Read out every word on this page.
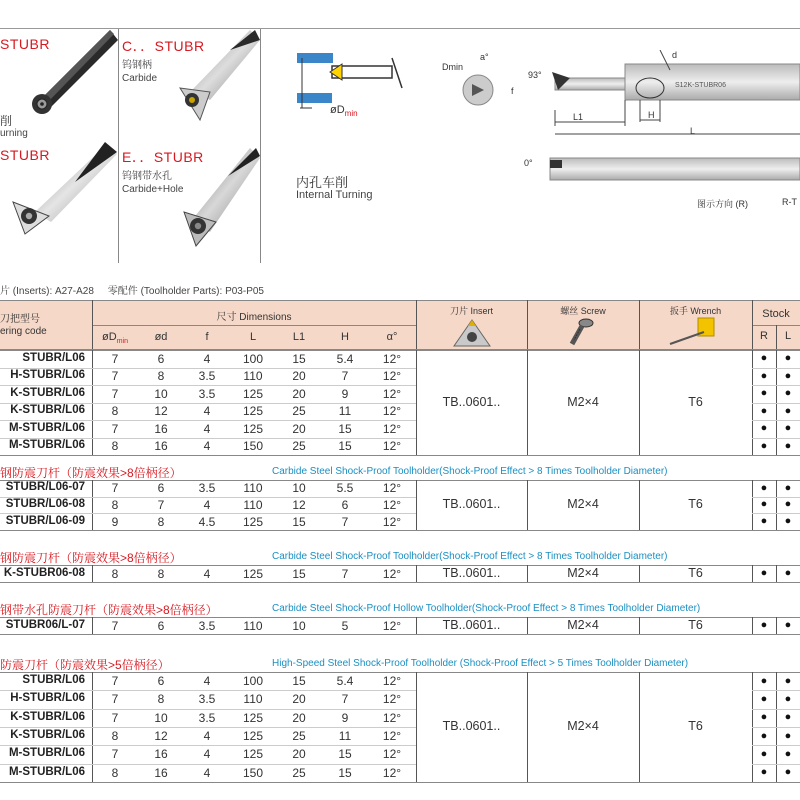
STUBR
削
urning
C．．STUBR
钨钢柄
Carbide
STUBR	E．．STUBR
钨钢带水孔
Carbide+Hole
$øD_{min}$
内孔车削
Internal Turning
Dmin
a°
S12K-STUBR06
93°
d
f
L1	H
L
0°
图示方向 (R)	R-T
片 (Inserts): A27-A28     零配件 (Toolholder Parts): P03-P05
刀把型号
ering code
尺寸 Dimensions
刀片 Insert	螺丝 Screw	扳手 Wrench	Stock
R	L
$øD_{min}$	ød	f	L	L1	H	α°
STUBR/L06	7	6	4	100	15	5.4	12°	●	●
H-STUBR/L06	7	8	3.5	110	20	7	12°	●	●
K-STUBR/L06	7	10	3.5	125	20	9	12°	●	●
K-STUBR/L06	8	12	4	125	25	11	12°	●	●
M-STUBR/L06	7	16	4	125	20	15	12°	●	●
M-STUBR/L06	8	16	4	150	25	15	12°	●	●
TB..0601..	M2×4	T6
钢防震刀杆（防震效果>8倍柄径）	Carbide Steel Shock-Proof Toolholder(Shock-Proof Effect > 8 Times Toolholder Diameter)
STUBR/L06-07	7	6	3.5	110	10	5.5	12°	●	●
STUBR/L06-08	8	7	4	110	12	6	12°	●	●
STUBR/L06-09	9	8	4.5	125	15	7	12°	●	●
TB..0601..	M2×4	T6
钢防震刀杆（防震效果>8倍柄径）	Carbide Steel Shock-Proof Toolholder(Shock-Proof Effect > 8 Times Toolholder Diameter)
K-STUBR06-08	8	8	4	125	15	7	12°	●	●
TB..0601..	M2×4	T6
钢带水孔防震刀杆（防震效果>8倍柄径）	Carbide Steel Shock-Proof Hollow Toolholder(Shock-Proof Effect > 8 Times Toolholder Diameter)
STUBR06/L-07	7	6	3.5	110	10	5	12°	●	●
TB..0601..	M2×4	T6
防震刀杆（防震效果>5倍柄径）	High-Speed Steel Shock-Proof Toolholder (Shock-Proof Effect > 5 Times Toolholder Diameter)
STUBR/L06	7	6	4	100	15	5.4	12°	●	●
H-STUBR/L06	7	8	3.5	110	20	7	12°	●	●
K-STUBR/L06	7	10	3.5	125	20	9	12°	●	●
K-STUBR/L06	8	12	4	125	25	11	12°	●	●
M-STUBR/L06	7	16	4	125	20	15	12°	●	●
M-STUBR/L06	8	16	4	150	25	15	12°	●	●
TB..0601..	M2×4	T6
